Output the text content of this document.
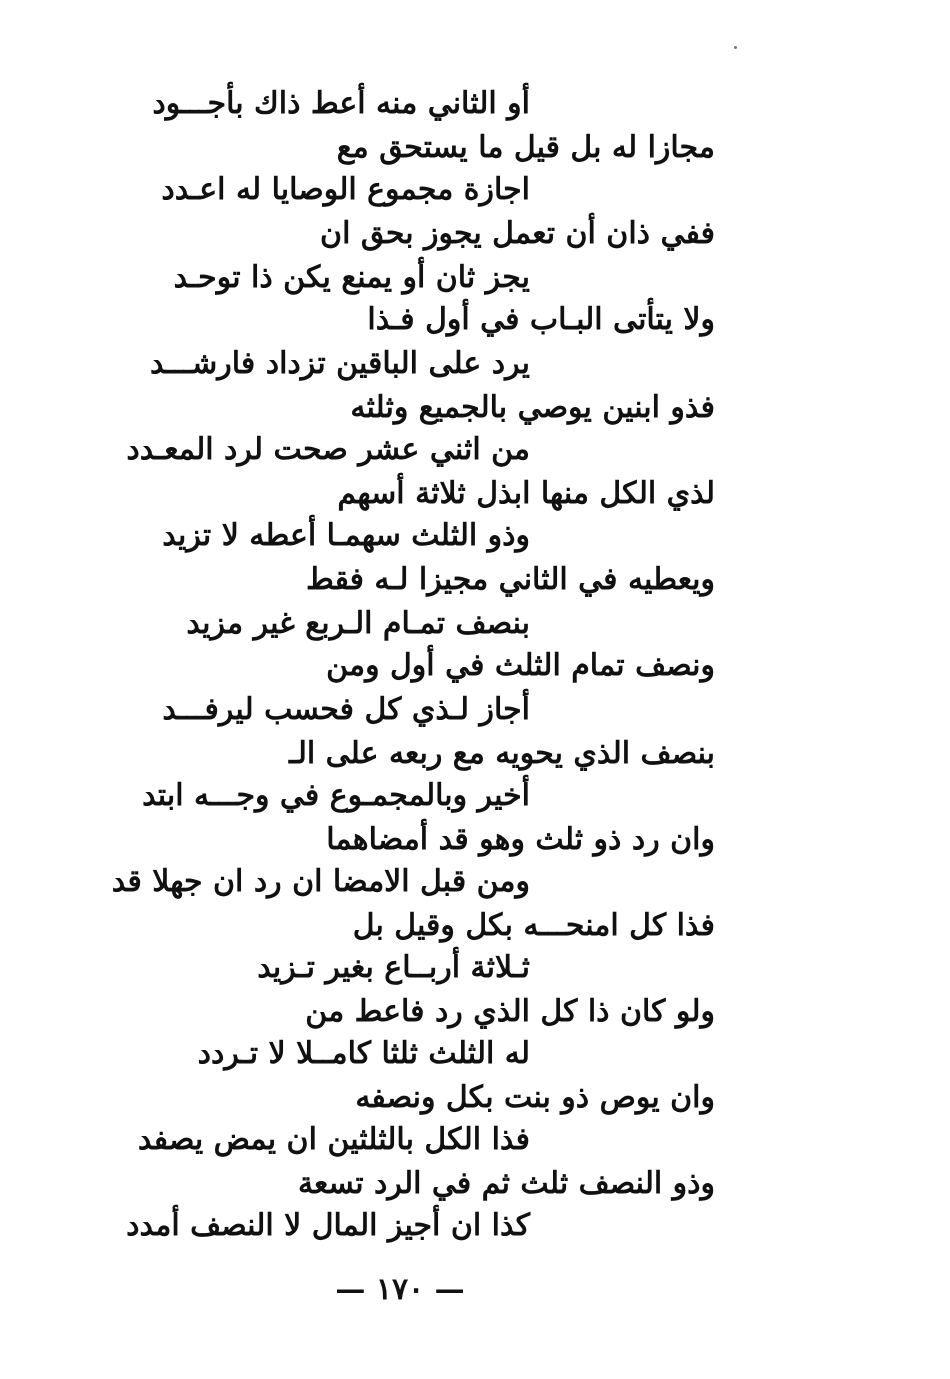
أو الثاني منه أعط ذاك بأجـــود
مجازا له بل قيل ما يستحق مع
اجازة مجموع الوصايا له اعـدد
ففي ذان أن تعمل يجوز بحق ان
يجز ثان أو يمنع يكن ذا توحـد
ولا يتأتى البـاب في أول فـذا
يرد على الباقين تزداد فارشـــد
فذو ابنين يوصي بالجميع وثلثه
من اثني عشر صحت لرد المعـدد
لذي الكل منها ابذل ثلاثة أسهم
وذو الثلث سهمـا أعطه لا تزيد
ويعطيه في الثاني مجيزا لـه فقط
بنصف تمـام الـربع غير مزيد
ونصف تمام الثلث في أول ومن
أجاز لـذي كل فحسب ليرفـــد
بنصف الذي يحويه مع ربعه على الـ
أخير وبالمجمـوع في وجـــه ابتد
وان رد ذو ثلث وهو قد أمضاهما
ومن قبل الامضا ان رد ان جهلا قد
فذا كل امنحـــه بكل وقيل بل
ثـلاثة أربــاع بغير تـزيد
ولو كان ذا كل الذي رد فاعط من
له الثلث ثلثا كامــلا لا تـردد
وان يوص ذو بنت بكل ونصفه
فذا الكل بالثلثين ان يمض يصفد
وذو النصف ثلث ثم في الرد تسعة
كذا ان أجيز المال لا النصف أمدد
— ١٧٠ —
